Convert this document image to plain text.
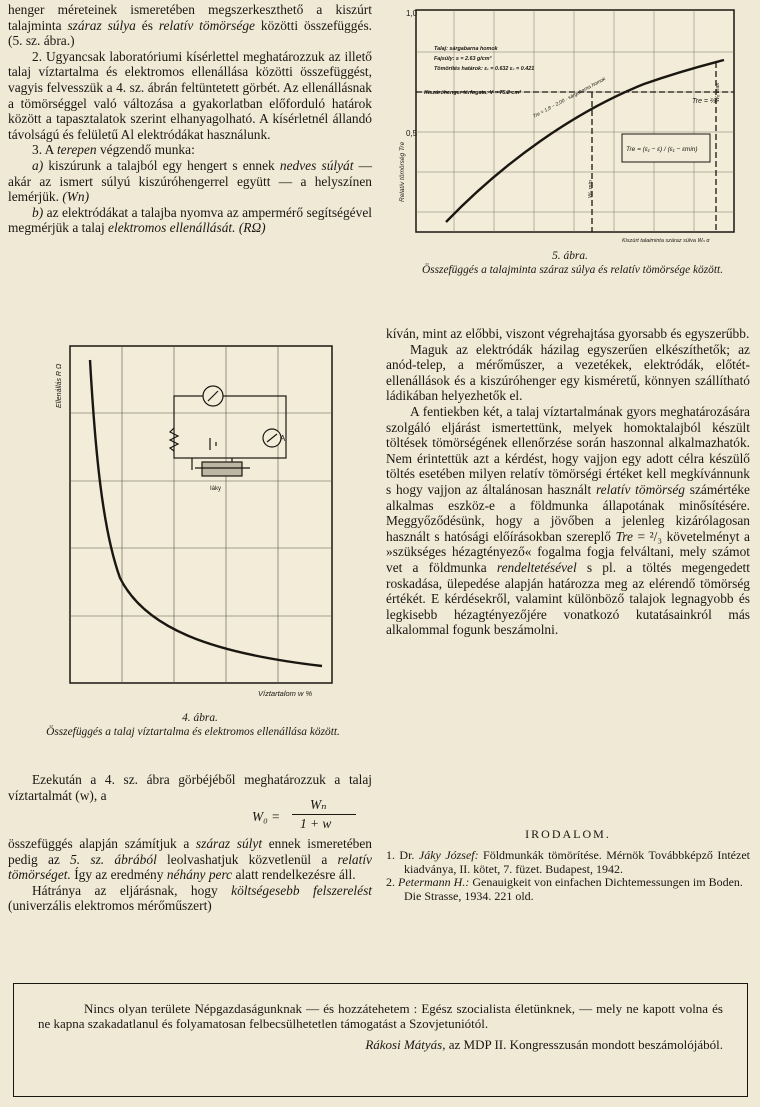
henger méreteinek ismeretében megszerkeszthető a kiszúrt talajminta száraz súlya és relatív tömörsége közötti összefüggés. (5. sz. ábra.)

2. Ugyancsak laboratóriumi kísérlettel meghatározzuk az illető talaj víztartalma és elektromos ellenállása közötti összefüggést, vagyis felvesszük a 4. sz. ábrán feltüntetett görbét. Az ellenállásnak a tömörséggel való változása a gyakorlatban előforduló határok között a tapasztalatok szerint elhanyagolható. A kísérletnél állandó távolságú és felületű Al elektródákat használunk.

3. A terepen végzendő munka:

a) kiszúrunk a talajból egy hengert s ennek nedves súlyát — akár az ismert súlyú kiszúróhengerrel együtt — a helyszínen lemérjük. (Wn)

b) az elektródákat a talajba nyomva az ampermérő segítségével megmérjük a talaj elektromos ellenállását. (RΩ)

Iáky
A
Ellenállás R Ω
Víztartalom w %
4. ábra.
Összefüggés a talaj víztartalma és elektromos ellenállása között.

Ezekután a 4. sz. ábra görbéjéből meghatározzuk a talaj víztartalmát (w), a

W₀ =
Wₙ
1 + w

összefüggés alapján számítjuk a száraz súlyt ennek ismeretében pedig az 5. sz. ábrából leolvashatjuk közvetlenül a relatív tömörséget. Így az eredmény néhány perc alatt rendelkezésre áll.

Hátránya az eljárásnak, hogy költségesebb felszerelést (univerzális elektromos mérőműszert)

1,0
0,5
Relatív tömörség Tre
Talaj: sárgabarna homok
Fajsúly: s = 2.63 g/cm³
Tömörítés határok: ε₁ = 0.632 ε₂ = 0.421
Kiszúróhenger térfogata: V = 75.2 cm³
Tre = (ε₁ − ε) / (ε₁ − εmin)
Tre = ⅔
Tre = 1,8 − 2,00 · sárgabarna homok
Wₒ min
Wₒ max
Kiszúrt talajminta száraz súlya Wₒ g
5. ábra.
Összefüggés a talajminta száraz súlya és relatív tömörsége között.

kíván, mint az előbbi, viszont végrehajtása gyorsabb és egyszerűbb.

Maguk az elektródák házilag egyszerűen elkészíthetők; az anód-telep, a mérőműszer, a vezetékek, elektródák, előtét-ellenállások és a kiszúróhenger egy kisméretű, könnyen szállítható ládikában helyezhetők el.

A fentiekben két, a talaj víztartalmának gyors meghatározására szolgáló eljárást ismertettünk, melyek homoktalajból készült töltések tömörségének ellenőrzése során haszonnal alkalmazhatók. Nem érintettük azt a kérdést, hogy vajjon egy adott célra készülő töltés esetében milyen relatív tömörségi értéket kell megkívánnunk s hogy vajjon az általánosan használt relatív tömörség számértéke alkalmas eszköz-e a földmunka állapotának minősítésére. Meggyőződésünk, hogy a jövőben a jelenleg kizárólagosan használt s hatósági előírásokban szereplő Tre = ²/₃ követelményt a »szükséges hézagtényező« fogalma fogja felváltani, mely számot vet a földmunka rendeltetésével s pl. a töltés megengedett roskadása, ülepedése alapján határozza meg az elérendő tömörség értékét. E kérdésekről, valamint különböző talajok legnagyobb és legkisebb hézagtényezőjére vonatkozó kutatásainkról más alkalommal fogunk beszámolni.

IRODALOM.

1. Dr. Jáky József: Földmunkák tömörítése. Mérnök Továbbképző Intézet kiadványa, II. kötet, 7. füzet. Budapest, 1942.

2. Petermann H.: Genauigkeit von einfachen Dichtemessungen im Boden.

Die Strasse, 1934. 221 old.

Nincs olyan területe Népgazdaságunknak — és hozzátehetem : Egész szocialista életünknek, — mely ne kapott volna és ne kapna szakadatlanul és folyamatosan felbecsülhetetlen támogatást a Szovjetuniótól.

Rákosi Mátyás, az MDP II. Kongresszusán mondott beszámolójából.
